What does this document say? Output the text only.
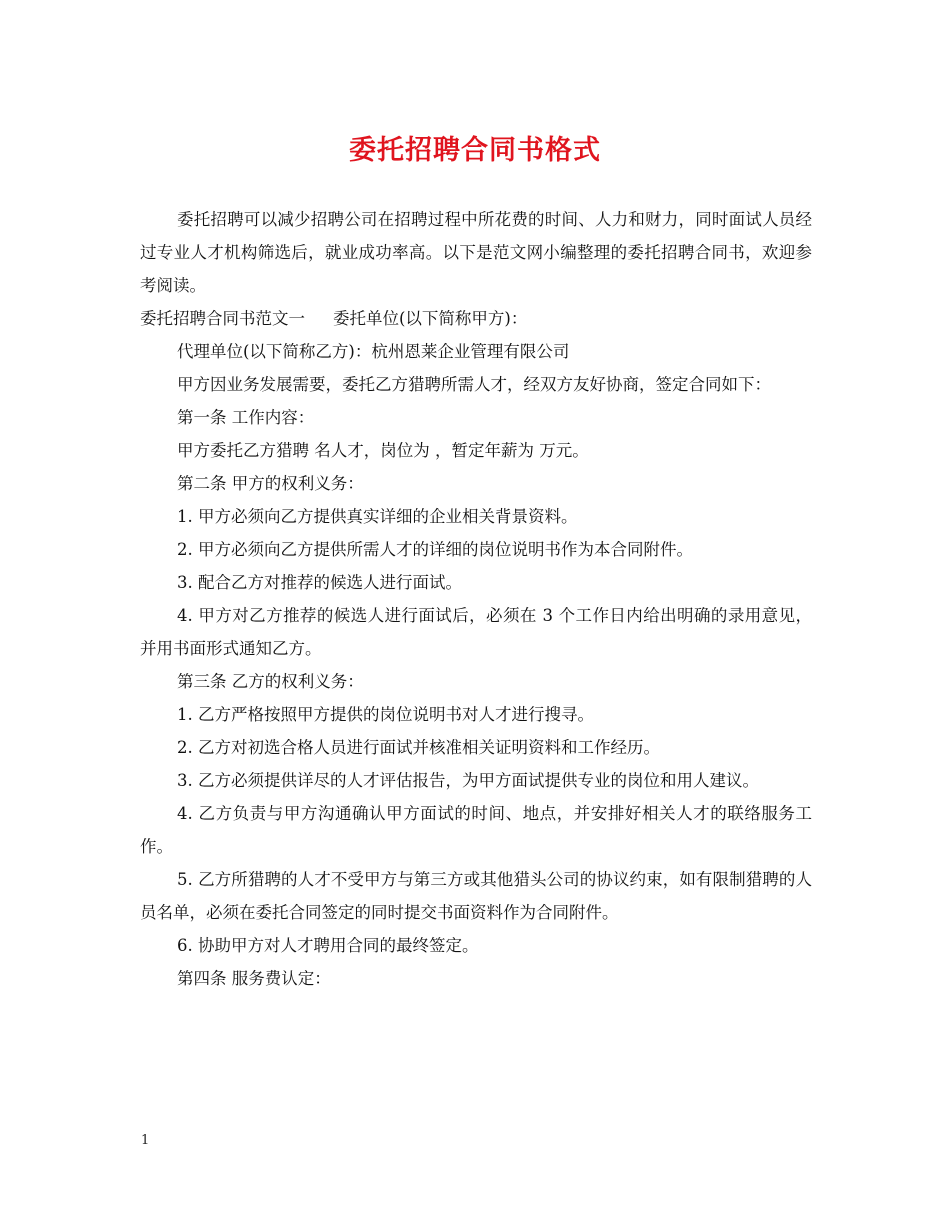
委托招聘合同书格式

委托招聘可以减少招聘公司在招聘过程中所花费的时间、人力和财力，同时面试人员经过专业人才机构筛选后，就业成功率高。以下是范文网小编整理的委托招聘合同书，欢迎参考阅读。

委托招聘合同书范文一 委托单位(以下简称甲方)：

代理单位(以下简称乙方)：杭州恩莱企业管理有限公司

甲方因业务发展需要，委托乙方猎聘所需人才，经双方友好协商，签定合同如下：

第一条 工作内容：

甲方委托乙方猎聘 名人才，岗位为 ，暂定年薪为 万元。

第二条 甲方的权利义务：

1. 甲方必须向乙方提供真实详细的企业相关背景资料。

2. 甲方必须向乙方提供所需人才的详细的岗位说明书作为本合同附件。

3. 配合乙方对推荐的候选人进行面试。

4. 甲方对乙方推荐的候选人进行面试后，必须在 3 个工作日内给出明确的录用意见，并用书面形式通知乙方。

第三条 乙方的权利义务：

1. 乙方严格按照甲方提供的岗位说明书对人才进行搜寻。

2. 乙方对初选合格人员进行面试并核准相关证明资料和工作经历。

3. 乙方必须提供详尽的人才评估报告，为甲方面试提供专业的岗位和用人建议。

4. 乙方负责与甲方沟通确认甲方面试的时间、地点，并安排好相关人才的联络服务工作。

5. 乙方所猎聘的人才不受甲方与第三方或其他猎头公司的协议约束，如有限制猎聘的人员名单，必须在委托合同签定的同时提交书面资料作为合同附件。

6. 协助甲方对人才聘用合同的最终签定。

第四条 服务费认定：

1
